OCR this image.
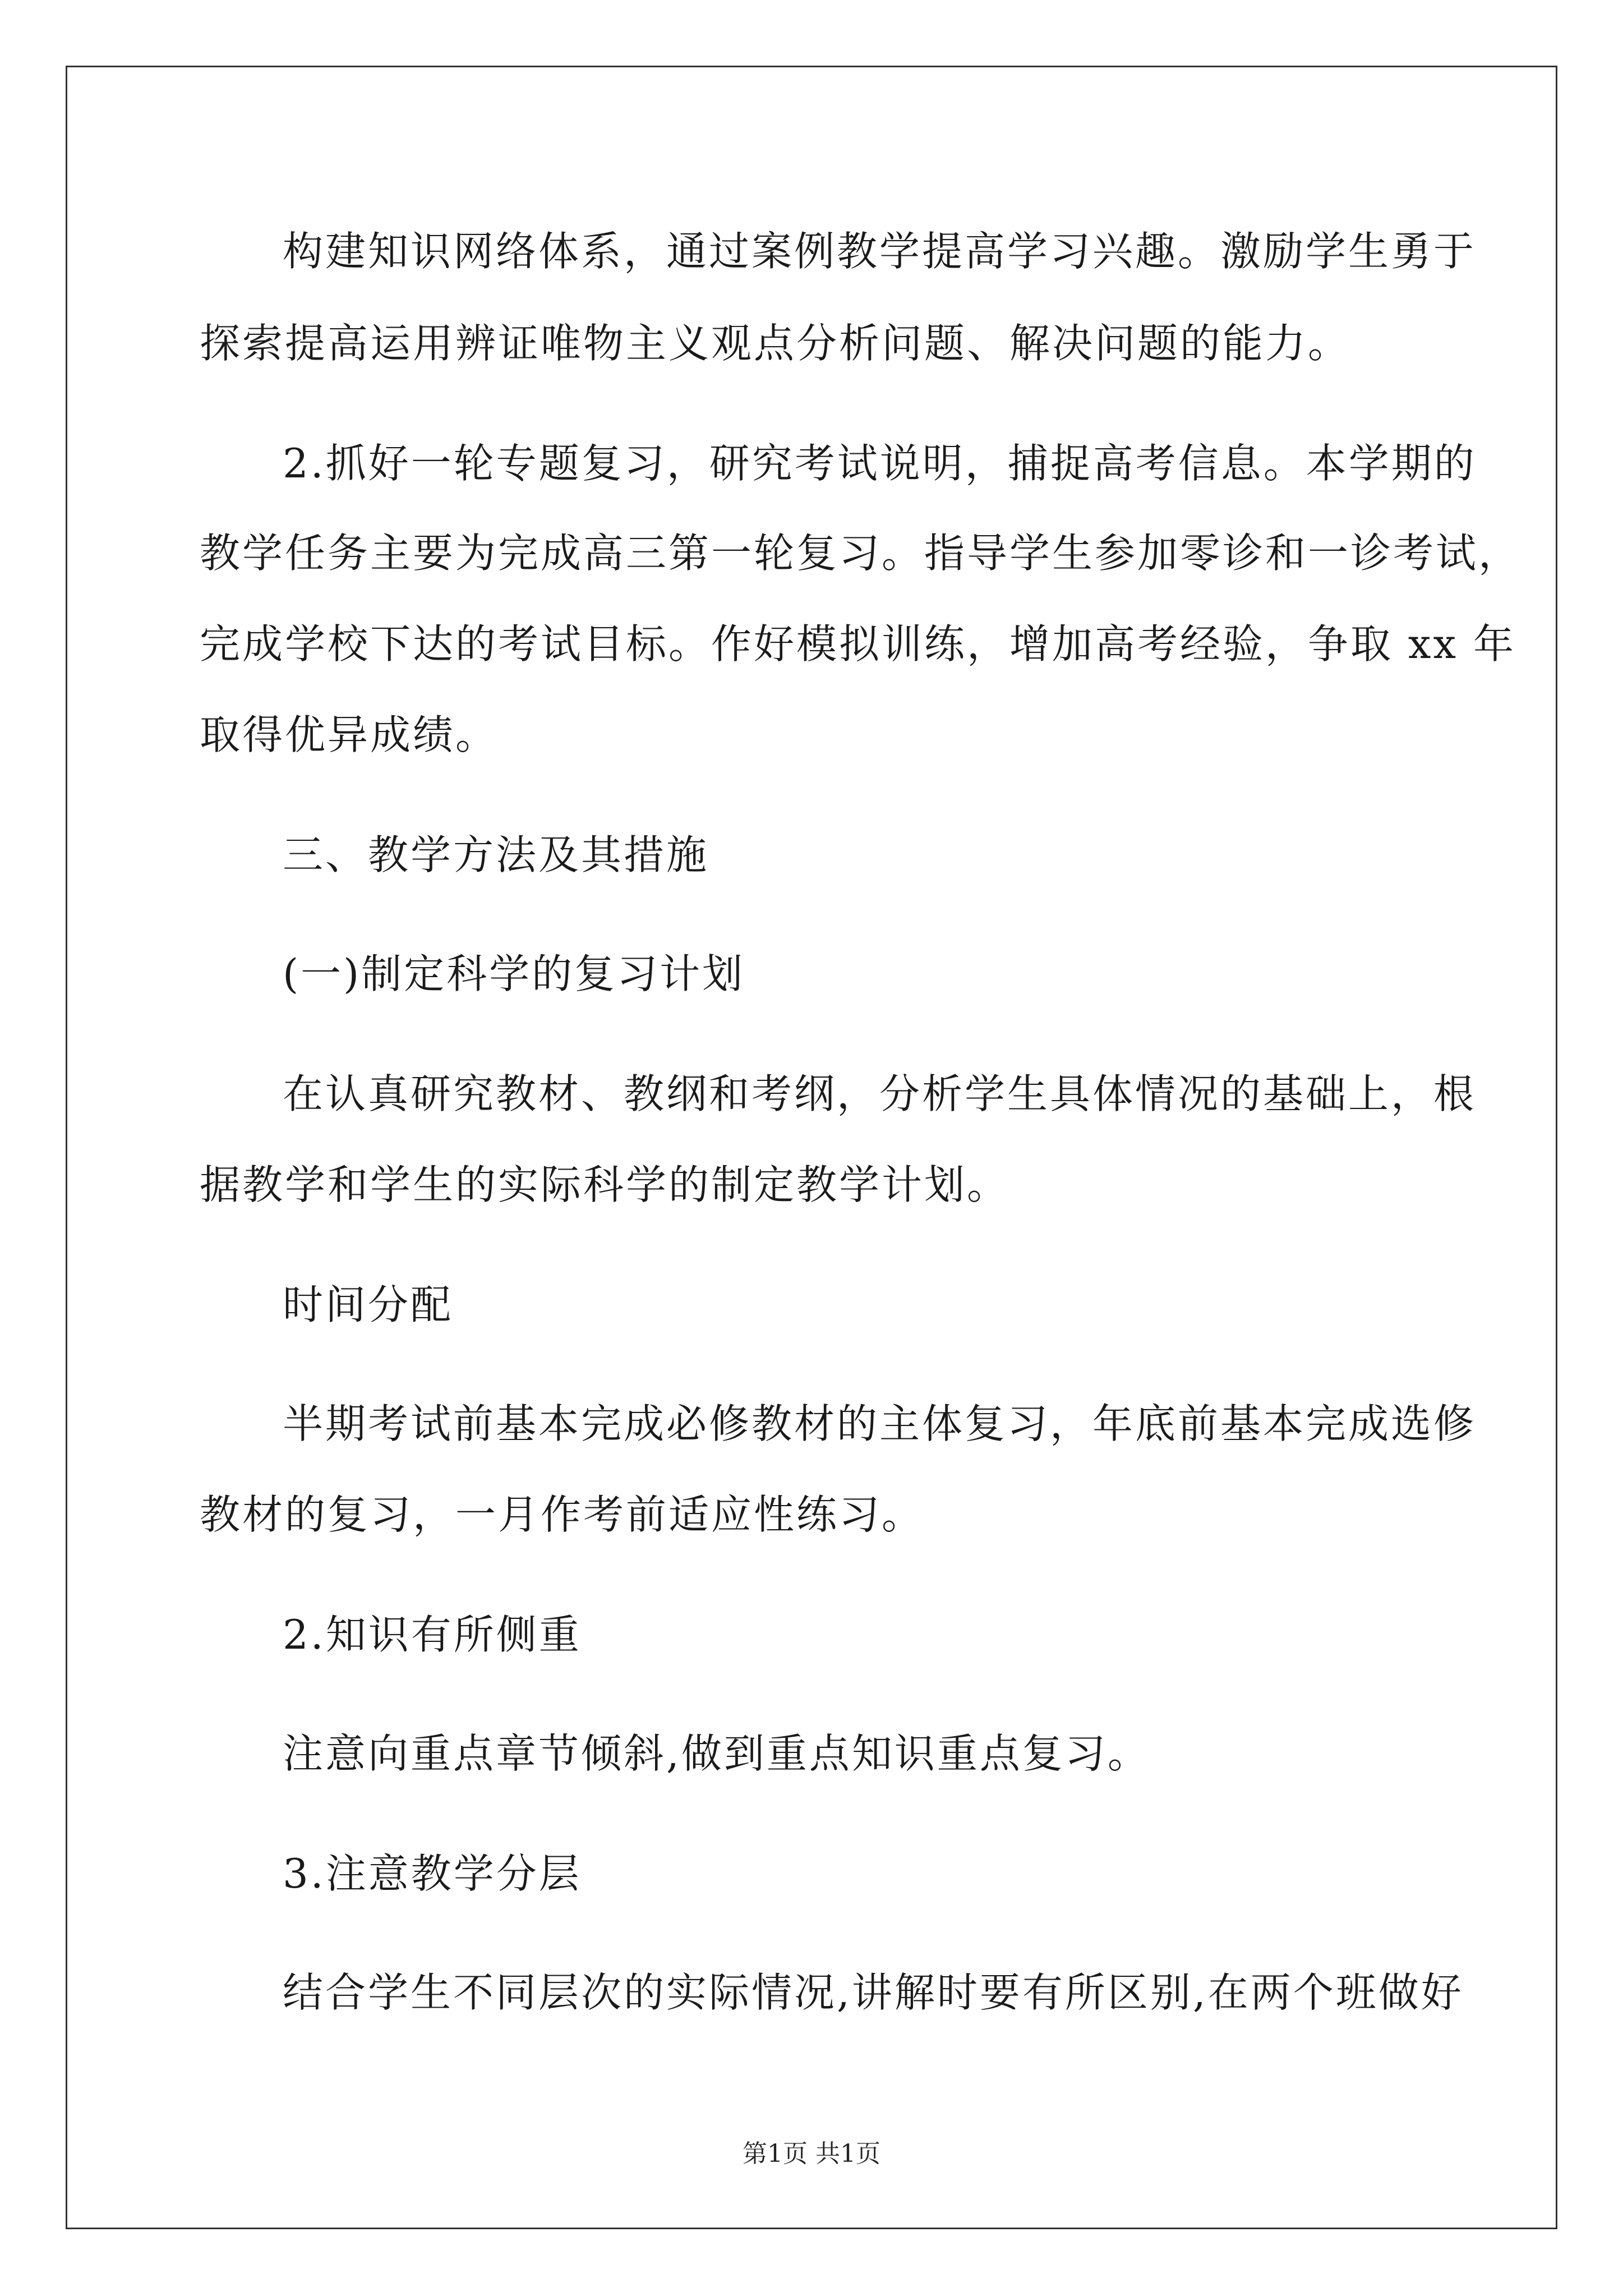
构建知识网络体系，通过案例教学提高学习兴趣。激励学生勇于
探索提高运用辨证唯物主义观点分析问题、解决问题的能力。
2.抓好一轮专题复习，研究考试说明，捕捉高考信息。本学期的
教学任务主要为完成高三第一轮复习。指导学生参加零诊和一诊考试，
完成学校下达的考试目标。作好模拟训练，增加高考经验，争取 xx 年
取得优异成绩。
三、教学方法及其措施
(一)制定科学的复习计划
在认真研究教材、教纲和考纲，分析学生具体情况的基础上，根
据教学和学生的实际科学的制定教学计划。
时间分配
半期考试前基本完成必修教材的主体复习，年底前基本完成选修
教材的复习，一月作考前适应性练习。
2.知识有所侧重
注意向重点章节倾斜,做到重点知识重点复习。
3.注意教学分层
结合学生不同层次的实际情况,讲解时要有所区别,在两个班做好
第1页 共1页
